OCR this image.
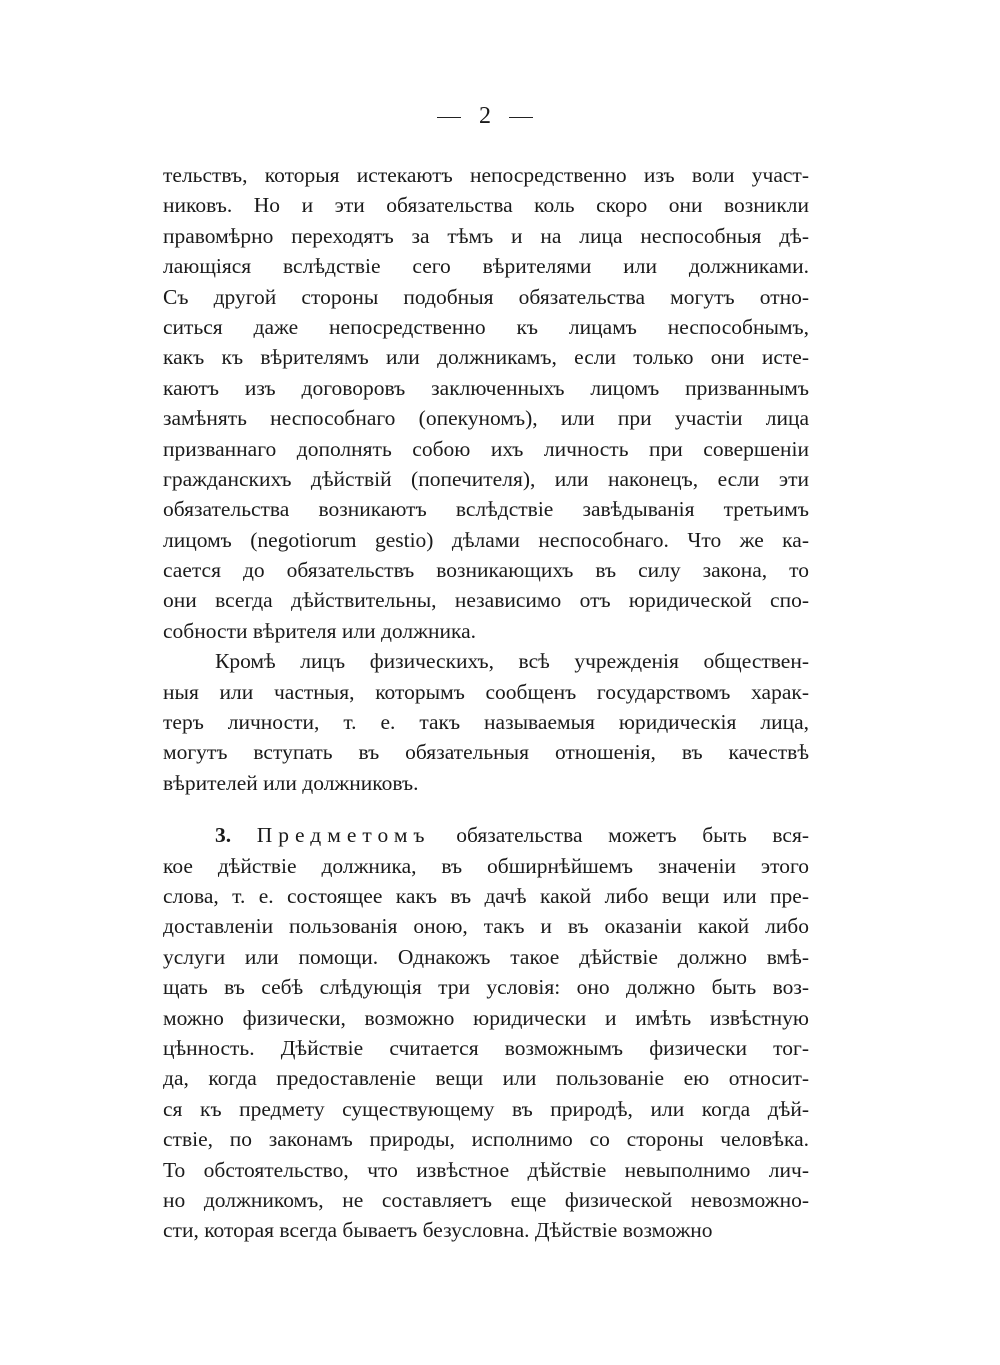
2
тельствъ, которыя истекаютъ непосредственно изъ воли участ-
никовъ. Но и эти обязательства коль скоро они возникли
правомѣрно переходятъ за тѣмъ и на лица неспособныя дѣ-
лающіяся вслѣдствіе сего вѣрителями или должниками.
Съ другой стороны подобныя обязательства могутъ отно-
ситься даже непосредственно къ лицамъ неспособнымъ,
какъ къ вѣрителямъ или должникамъ, если только они исте-
каютъ изъ договоровъ заключенныхъ лицомъ призваннымъ
замѣнять неспособнаго (опекуномъ), или при участіи лица
призваннаго дополнять собою ихъ личность при совершеніи
гражданскихъ дѣйствій (попечителя), или наконецъ, если эти
обязательства возникаютъ вслѣдствіе завѣдыванія третьимъ
лицомъ (negotiorum gestio) дѣлами неспособнаго. Что же ка-
сается до обязательствъ возникающихъ въ силу закона, то
они всегда дѣйствительны, независимо отъ юридической спо-
собности вѣрителя или должника.
Кромѣ лицъ физическихъ, всѣ учрежденія обществен-
ныя или частныя, которымъ сообщенъ государствомъ харак-
теръ личности, т. е. такъ называемыя юридическія лица,
могутъ вступать въ обязательныя отношенія, въ качествѣ
вѣрителей или должниковъ.
3. Предметомъ обязательства можетъ быть вся-
кое дѣйствіе должника, въ обширнѣйшемъ значеніи этого
слова, т. е. состоящее какъ въ дачѣ какой либо вещи или пре-
доставленіи пользованія оною, такъ и въ оказаніи какой либо
услуги или помощи. Однакожъ такое дѣйствіе должно вмѣ-
щать въ себѣ слѣдующія три условія: оно должно быть воз-
можно физически, возможно юридически и имѣть извѣстную
цѣнность. Дѣйствіе считается возможнымъ физически тог-
да, когда предоставленіе вещи или пользованіе ею относит-
ся къ предмету существующему въ природѣ, или когда дѣй-
ствіе, по законамъ природы, исполнимо со стороны человѣка.
То обстоятельство, что извѣстное дѣйствіе невыполнимо лич-
но должникомъ, не составляетъ еще физической невозможно-
сти, которая всегда бываетъ безусловна. Дѣйствіе возможно
